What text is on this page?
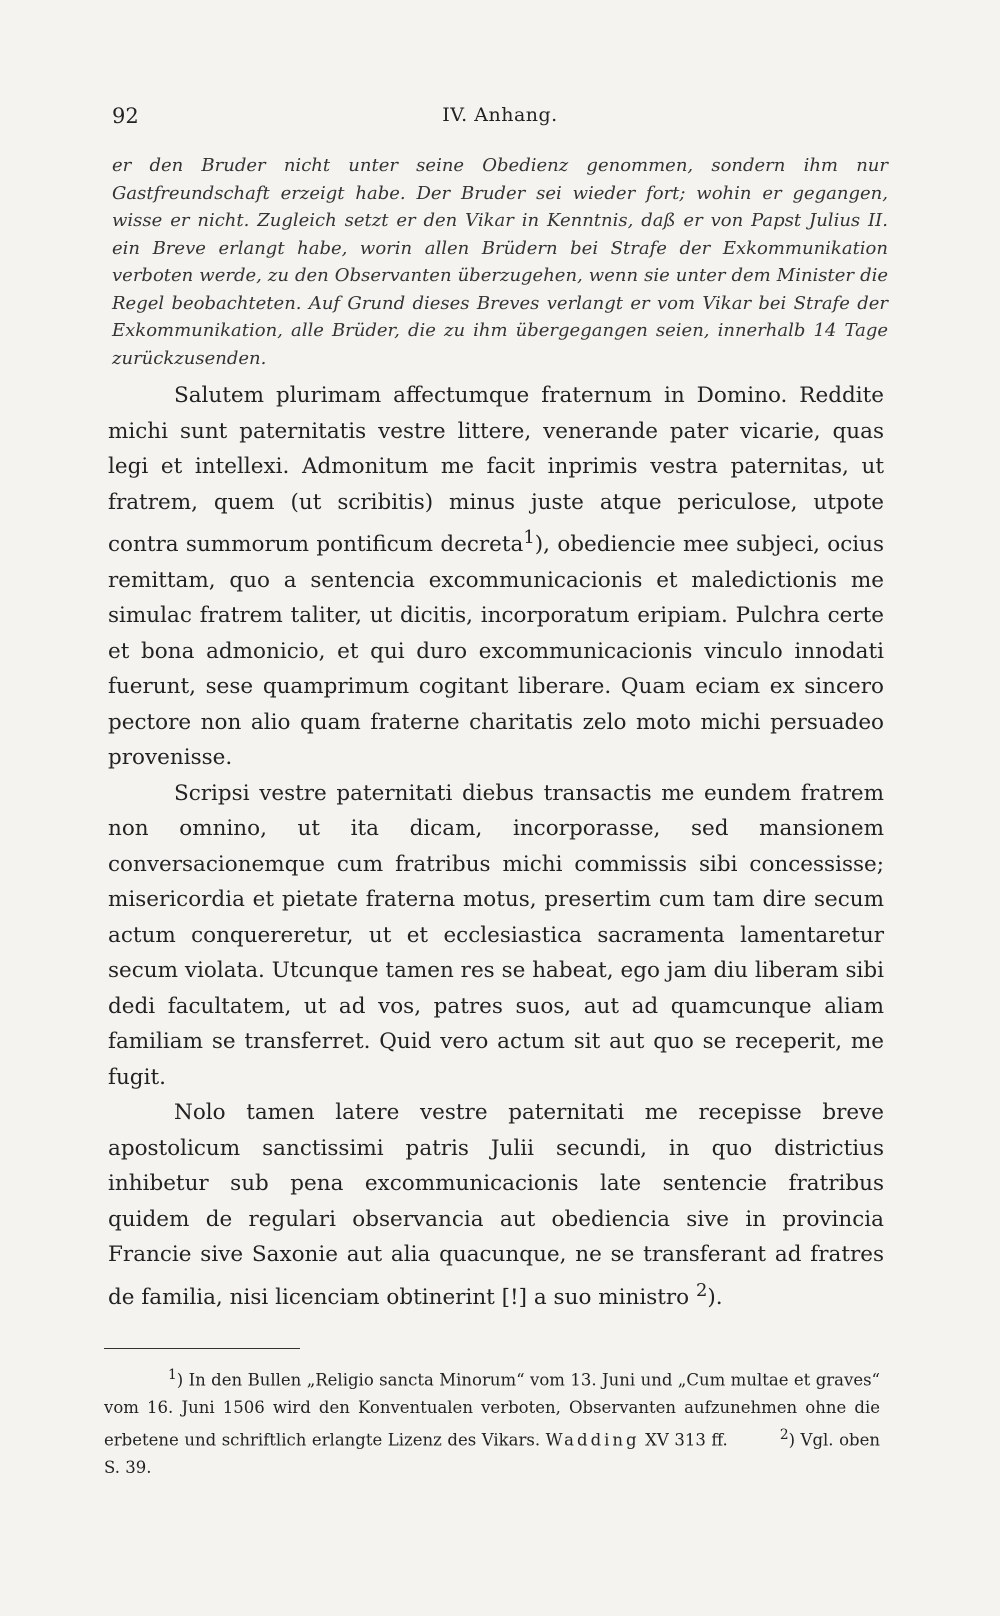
92	IV. Anhang.
er den Bruder nicht unter seine Obedienz genommen, sondern ihm nur Gastfreundschaft erzeigt habe. Der Bruder sei wieder fort; wohin er gegangen, wisse er nicht. Zugleich setzt er den Vikar in Kenntnis, daß er von Papst Julius II. ein Breve erlangt habe, worin allen Brüdern bei Strafe der Exkommunikation verboten werde, zu den Observanten überzugehen, wenn sie unter dem Minister die Regel beobachteten. Auf Grund dieses Breves verlangt er vom Vikar bei Strafe der Exkommunikation, alle Brüder, die zu ihm übergegangen seien, innerhalb 14 Tage zurückzusenden.

Salutem plurimam affectumque fraternum in Domino. Reddite michi sunt paternitatis vestre littere, venerande pater vicarie, quas legi et intellexi. Admonitum me facit inprimis vestra paternitas, ut fratrem, quem (ut scribitis) minus juste atque periculose, utpote contra summorum pontificum decreta$^1$), obediencie mee subjeci, ocius remittam, quo a sentencia excommunicacionis et maledictionis me simulac fratrem taliter, ut dicitis, incorporatum eripiam. Pulchra certe et bona admonicio, et qui duro excommunicacionis vinculo innodati fuerunt, sese quamprimum cogitant liberare. Quam eciam ex sincero pectore non alio quam fraterne charitatis zelo moto michi persuadeo provenisse.

Scripsi vestre paternitati diebus transactis me eundem fratrem non omnino, ut ita dicam, incorporasse, sed mansionem conversacionemque cum fratribus michi commissis sibi concessisse; misericordia et pietate fraterna motus, presertim cum tam dire secum actum conquereretur, ut et ecclesiastica sacramenta lamentaretur secum violata. Utcunque tamen res se habeat, ego jam diu liberam sibi dedi facultatem, ut ad vos, patres suos, aut ad quamcunque aliam familiam se transferret. Quid vero actum sit aut quo se receperit, me fugit.

Nolo tamen latere vestre paternitati me recepisse breve apostolicum sanctissimi patris Julii secundi, in quo districtius inhibetur sub pena excommunicacionis late sentencie fratribus quidem de regulari observancia aut obediencia sive in provincia Francie sive Saxonie aut alia quacunque, ne se transferant ad fratres de familia, nisi licenciam obtinerint [!] a suo ministro $^2$).

$^1$) In den Bullen „Religio sancta Minorum“ vom 13. Juni und „Cum multae et graves“ vom 16. Juni 1506 wird den Konventualen verboten, Observanten aufzunehmen ohne die erbetene und schriftlich erlangte Lizenz des Vikars. Wadding XV 313 ff.	$^2$) Vgl. oben S. 39.
